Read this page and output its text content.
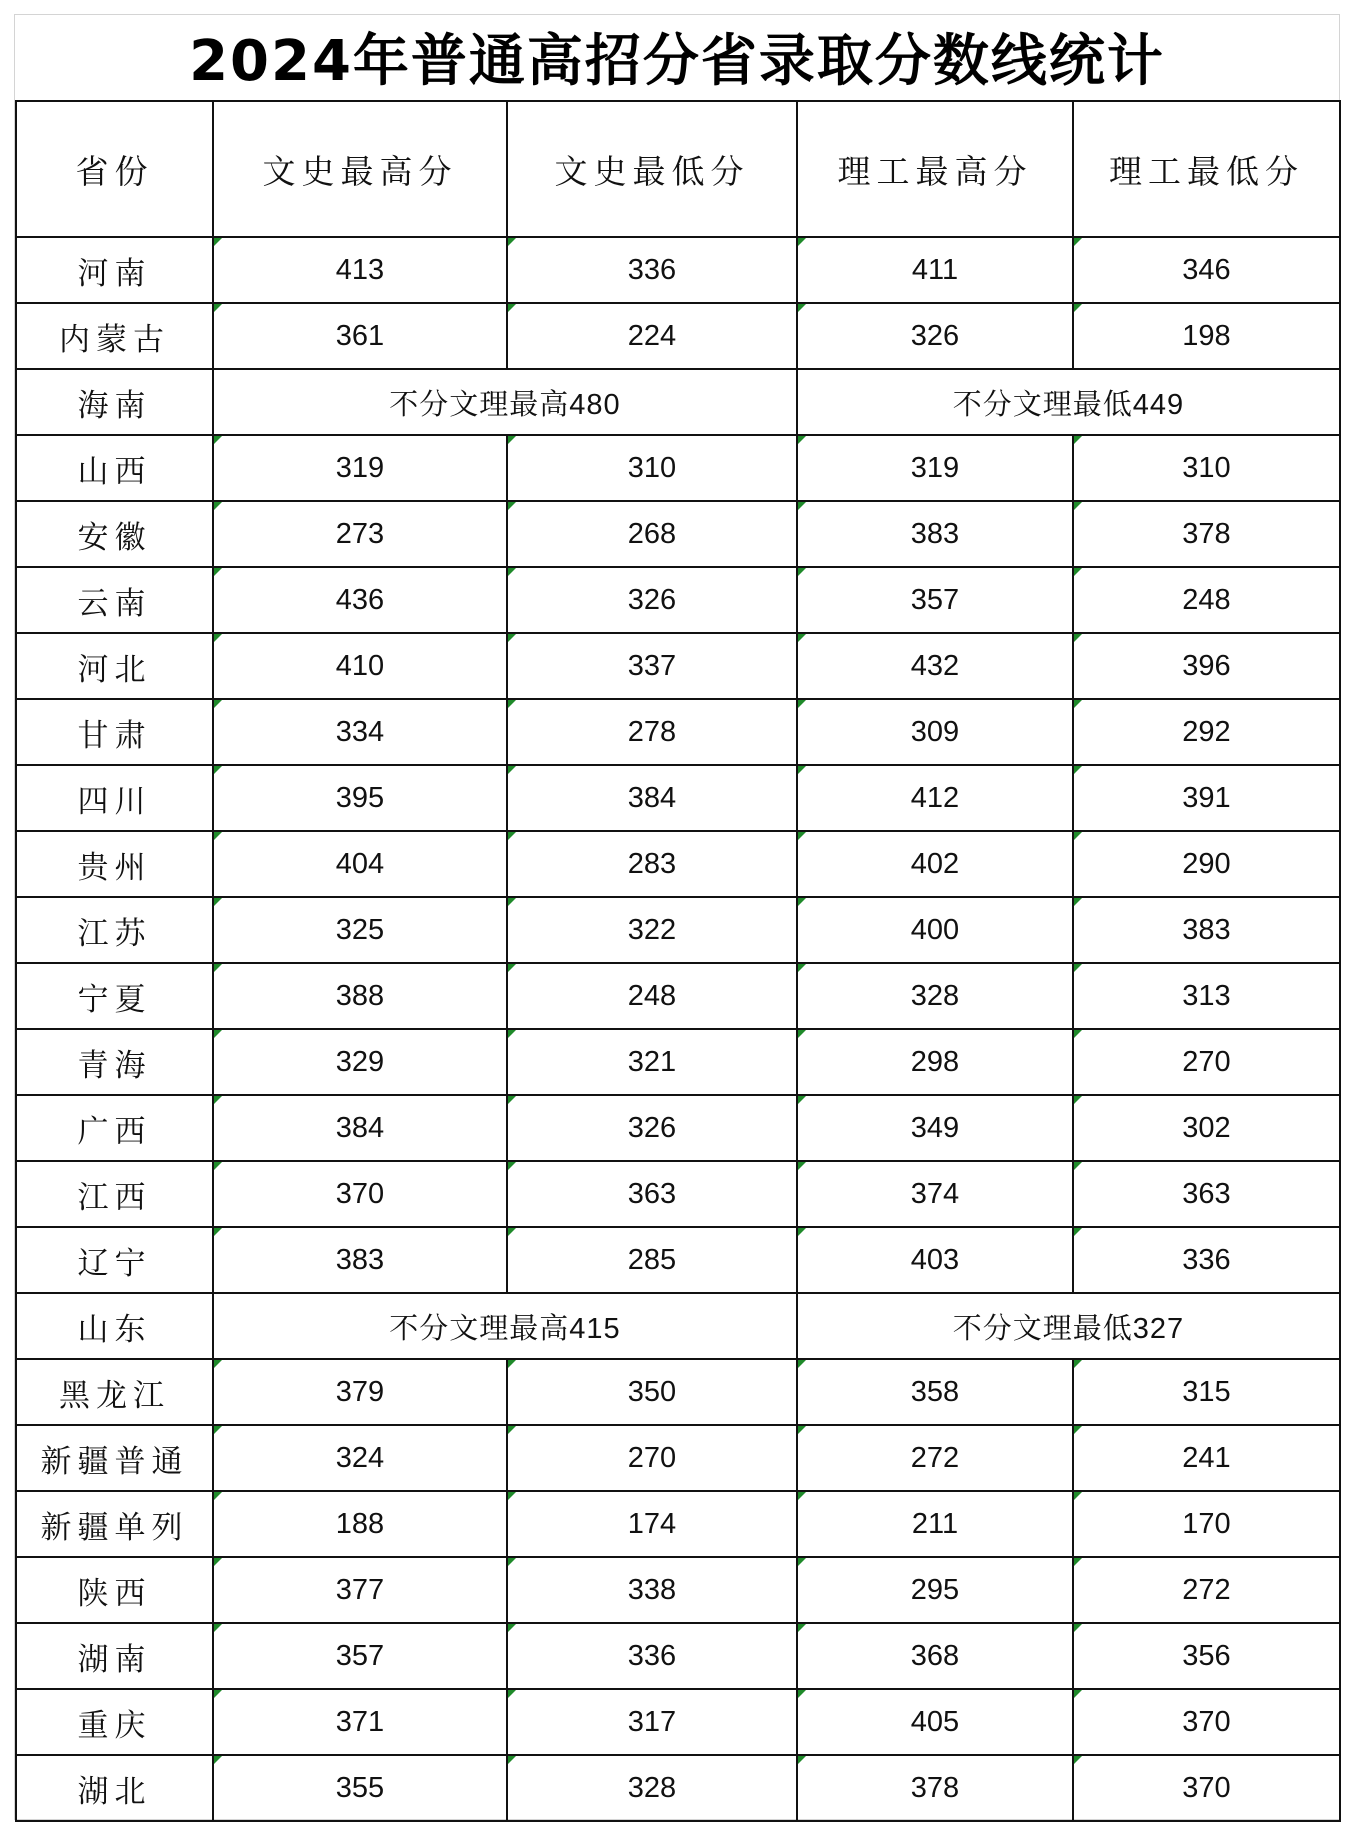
2024年普通高招分省录取分数线统计
省份	文史最高分	文史最低分	理工最高分	理工最低分
河南	413	336	411	346
内蒙古	361	224	326	198
海南	不分文理最高480		不分文理最低449	
山西	319	310	319	310
安徽	273	268	383	378
云南	436	326	357	248
河北	410	337	432	396
甘肃	334	278	309	292
四川	395	384	412	391
贵州	404	283	402	290
江苏	325	322	400	383
宁夏	388	248	328	313
青海	329	321	298	270
广西	384	326	349	302
江西	370	363	374	363
辽宁	383	285	403	336
山东	不分文理最高415		不分文理最低327	
黑龙江	379	350	358	315
新疆普通	324	270	272	241
新疆单列	188	174	211	170
陕西	377	338	295	272
湖南	357	336	368	356
重庆	371	317	405	370
湖北	355	328	378	370
